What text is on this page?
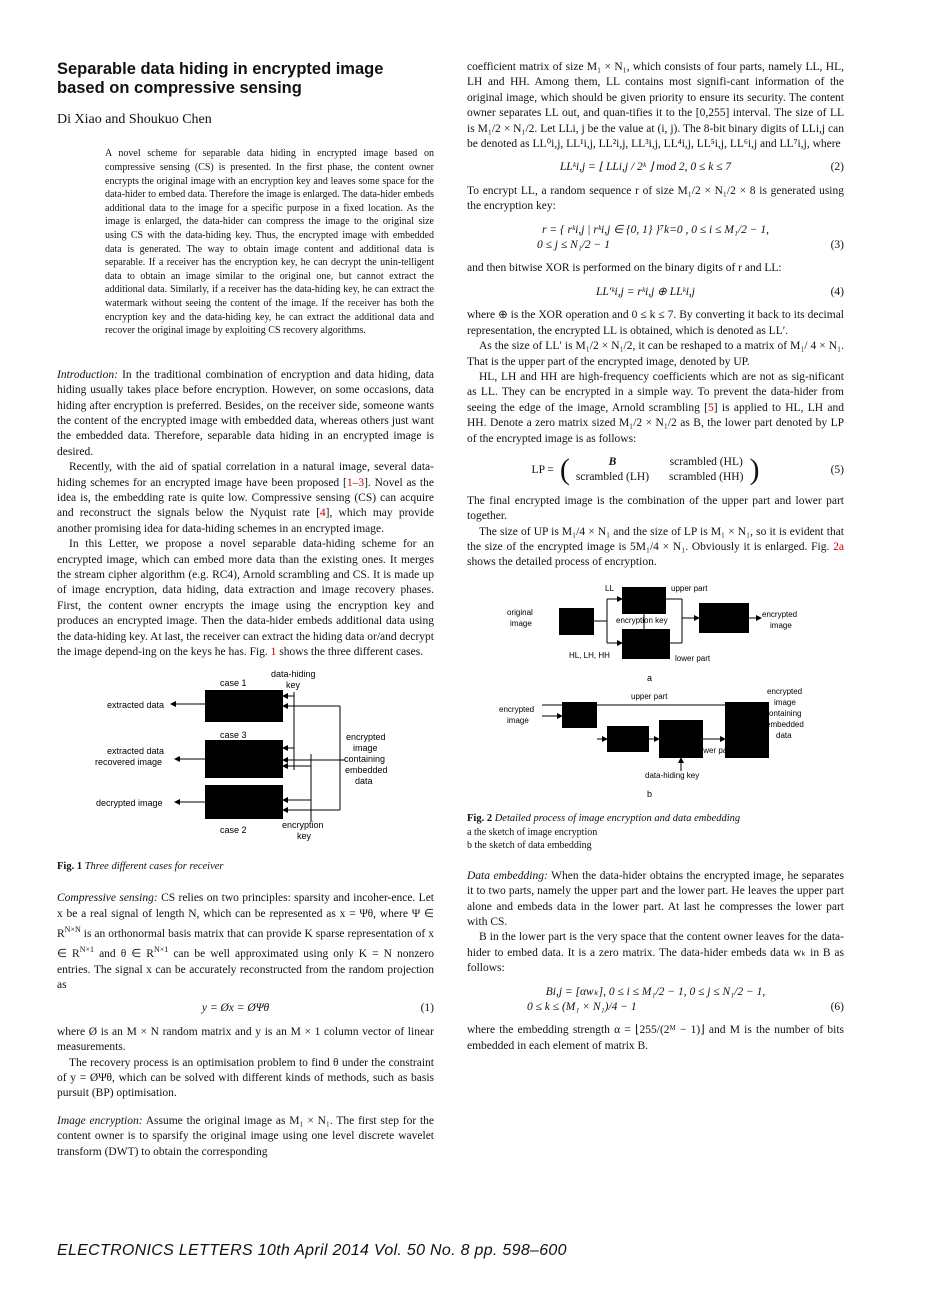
Separable data hiding in encrypted image based on compressive sensing
Di Xiao and Shoukuo Chen

A novel scheme for separable data hiding in encrypted image based on compressive sensing (CS) is presented. In the first phase, the content owner encrypts the original image with an encryption key and leaves some space for the data-hider to embed data. Therefore the image is enlarged. The data-hider embeds additional data to the image for a specific purpose in a fixed location. As the image is enlarged, the data-hider can compress the image to the original size using CS with the data-hiding key. Thus, the encrypted image with embedded data is generated. The way to obtain image content and additional data is separable. If a receiver has the encryption key, he can decrypt the unin-telligent data to obtain an image similar to the original one, but cannot extract the additional data. Similarly, if a receiver has the data-hiding key, he can extract the watermark without seeing the content of the image. If the receiver has both the encryption key and the data-hiding key, he can extract the additional data and recover the original image by exploiting CS recovery algorithms.

Introduction: In the traditional combination of encryption and data hiding, data hiding usually takes place before encryption. However, on some occasions, data hiding after encryption is preferred. Besides, on the receiver side, someone wants the content of the encrypted image with embedded data, whereas others just want the embedded data. Therefore, separable data hiding in an encrypted image is desired.

Recently, with the aid of spatial correlation in a natural image, several data-hiding schemes for an encrypted image have been proposed [1–3]. Novel as the idea is, the embedding rate is quite low. Compressive sensing (CS) can acquire and reconstruct the signals below the Nyquist rate [4], which may provide another promising idea for data-hiding schemes in an encrypted image.

In this Letter, we propose a novel separable data-hiding scheme for an encrypted image, which can embed more data than the existing ones. It merges the stream cipher algorithm (e.g. RC4), Arnold scrambling and CS. It is made up of image encryption, data hiding, data extraction and image recovery phases. First, the content owner encrypts the image using the encryption key and produces an encrypted image. Then the data-hider embeds additional data using the data-hiding key. At last, the receiver can extract the hiding data or/and decrypt the image depend-ing on the keys he has. Fig. 1 shows the three different cases.

case 1
case 3
case 2
data-hiding
key
encryption
key
extracted data
extracted data
recovered image
decrypted image
encrypted
image
containing
embedded
data

Fig. 1 Three different cases for receiver

Compressive sensing: CS relies on two principles: sparsity and incoher-ence. Let x be a real signal of length N, which can be represented as x = Ψθ, where Ψ ∈ $R^{N\times N}$ is an orthonormal basis matrix that can provide K sparse representation of x ∈ $R^{N\times 1}$ and θ ∈ $R^{N\times 1}$ can be well approximated using only K = N nonzero entries. The signal x can be accurately reconstructed from the random projection as

y = Øx = ØΨθ	(1)

where Ø is an M × N random matrix and y is an M × 1 column vector of linear measurements.

The recovery process is an optimisation problem to find θ under the constraint of y = ØΨθ, which can be solved with different kinds of methods, such as basis pursuit (BP) optimisation.

Image encryption: Assume the original image as M₁ × N₁. The first step for the content owner is to sparsify the original image using one level discrete wavelet transform (DWT) to obtain the corresponding

coefficient matrix of size M₁ × N₁, which consists of four parts, namely LL, HL, LH and HH. Among them, LL contains most signifi-cant information of the original image, which should be given priority to ensure its security. The content owner separates LL out, and quan-tifies it to the [0,255] interval. The size of LL is M₁/2 × N₁/2. Let LLi, j be the value at (i, j). The 8-bit binary digits of LLi,j can be denoted as LL⁰i,j, LL¹i,j, LL²i,j, LL³i,j, LL⁴i,j, LL⁵i,j, LL⁶i,j and LL⁷i,j, where

LLᵏi,j = ⌊ LLi,j / 2ᵏ ⌋ mod 2, 0 ≤ k ≤ 7	(2)

To encrypt LL, a random sequence r of size M₁/2 × N₁/2 × 8 is generated using the encryption key:

r = { rᵏi,j | rᵏi,j ∈ {0, 1} }⁷k=0 , 0 ≤ i ≤ M₁/2 − 1,
0 ≤ j ≤ N₁/2 − 1	(3)

and then bitwise XOR is performed on the binary digits of r and LL:

LL′ᵏi,j = rᵏi,j ⊕ LLᵏi,j	(4)

where ⊕ is the XOR operation and 0 ≤ k ≤ 7. By converting it back to its decimal representation, the encrypted LL is obtained, which is denoted as LL′.

As the size of LL′ is M₁/2 × N₁/2, it can be reshaped to a matrix of M₁/ 4 × N₁. That is the upper part of the encrypted image, denoted by UP.

HL, LH and HH are high-frequency coefficients which are not as sig-nificant as LL. They can be encrypted in a simple way. To prevent the data-hider from seeing the edge of the image, Arnold scrambling [5] is applied to HL, LH and HH. Denote a zero matrix sized M₁/2 × N₁/2 as B, the lower part denoted by LP of the encrypted image is as follows:

LP = (	B	scrambled (HL)
scrambled (LH) scrambled (HH) )	(5)

The final encrypted image is the combination of the upper part and lower part together.

The size of UP is M₁/4 × N₁ and the size of LP is M₁ × N₁, so it is evident that the size of the encrypted image is 5M₁/4 × N₁. Obviously it is enlarged. Fig. 2a shows the detailed process of encryption.

LL	upper part
original
image	encryption key
encrypted
image
HL, LH, HH	lower part
a
upper part
encrypted
image
lower part
data-hiding key
encrypted
image
containing
embedded
data
b

Fig. 2 Detailed process of image encryption and data embedding

a the sketch of image encryption

b the sketch of data embedding

Data embedding: When the data-hider obtains the encrypted image, he separates it to two parts, namely the upper part and the lower part. He leaves the upper part alone and embeds data in the lower part. At last he compresses the lower part with CS.

B in the lower part is the very space that the content owner leaves for the data-hider to embed data. It is a zero matrix. The data-hider embeds data wₖ in B as follows:

Bi,j = [αwₖ], 0 ≤ i ≤ M₁/2 − 1, 0 ≤ j ≤ N₁/2 − 1,
0 ≤ k ≤ (M₁ × N₁)/4 − 1	(6)

where the embedding strength α = ⌊255/(2ᴹ − 1)⌋ and M is the number of bits embedded in each element of matrix B.

ELECTRONICS LETTERS 10th April 2014 Vol. 50 No. 8 pp. 598–600
